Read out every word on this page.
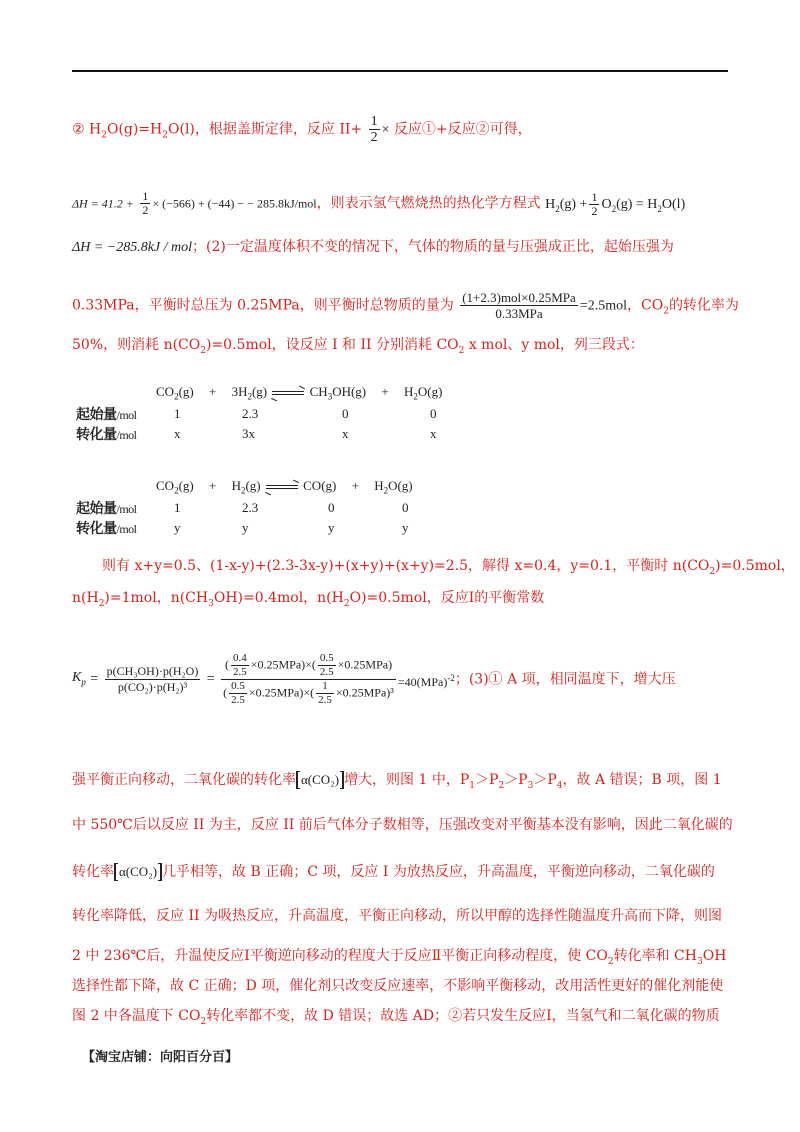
② $H_2O(g)=H_2O(l)$，根据盖斯定律，反应 $II+ \frac{1}{2}$ × 反应①+反应②可得，
$\Delta H = 41.2 + \frac{1}{2} \times (-566) + (-44)$ − − 285.8kJ/mol，则表示氢气燃烧热的热化学方程式 $H_2(g) + \frac{1}{2} O_2(g) = H_2O(l)$
ΔH = −285.8kJ / mol；(2)一定温度体积不变的情况下，气体的物质的量与压强成正比，起始压强为
0.33MPa，平衡时总压为 0.25MPa，则平衡时总物质的量为 $\frac{\text{(1+2.3)mol×0.25MPa}}{\text{0.33MPa}} =2.5mol$，$CO_2$的转化率为
50%，则消耗 $n(CO_2)=0.5mol$，设反应 I 和 II 分别消耗 $CO_2$ x mol、y mol，列三段式：
$CO_2(g) + 3H_2(g) \to CH_3OH(g) + H_2O(g)$
起始量/mol	1	2.3	0	0
转化量/mol	x	3x	x	x
$CO_2(g) + H_2(g) \to CO(g) + H_2O(g)$
起始量/mol	1	2.3	0	0
转化量/mol	y	y	y	y
则有 x+y=0.5、(1-x-y)+(2.3-3x-y)+(x+y)+(x+y)=2.5，解得 x=0.4，y=0.1，平衡时 $n(CO_2)=0.5mol$，
$n(H_2)=1mol$，$n(CH_3OH)=0.4mol$，$n(H_2O)=0.5mol$，反应Ⅰ的平衡常数
$K_p = \frac{\text{p(CH₃OH)·p(H₂O)}}{\text{p(CO₂)·p(H₂)³}} = \frac{( \frac{0.4}{2.5} \times 0.25MPa)\times( \frac{0.5}{2.5} \times 0.25MPa)}{( \frac{0.5}{2.5} \times 0.25MPa)\times( \frac{1}{2.5} \times 0.25MPa)^3} =40(MPa)^{-2}$；(3)① A 项，相同温度下，增大压
强平衡正向移动，二氧化碳的转化率 α(CO₂) 增大，则图 1 中，$P_1>P_2>P_3>P_4$，故 A 错误；B 项，图 1
中 550℃后以反应 II 为主，反应 II 前后气体分子数相等，压强改变对平衡基本没有影响，因此二氧化碳的
转化率 α(CO₂) 几乎相等，故 B 正确；C 项，反应 I 为放热反应，升高温度，平衡逆向移动，二氧化碳的
转化率降低，反应 II 为吸热反应，升高温度，平衡正向移动，所以甲醇的选择性随温度升高而下降，则图
2 中 236℃后，升温使反应Ⅰ平衡逆向移动的程度大于反应Ⅱ平衡正向移动程度，使 $CO_2$转化率和 $CH_3OH$
选择性都下降，故 C 正确；D 项，催化剂只改变反应速率，不影响平衡移动，改用活性更好的催化剂能使
图 2 中各温度下 $CO_2$转化率都不变，故 D 错误；故选 AD；②若只发生反应Ⅰ，当氢气和二氧化碳的物质
【淘宝店铺：向阳百分百】
